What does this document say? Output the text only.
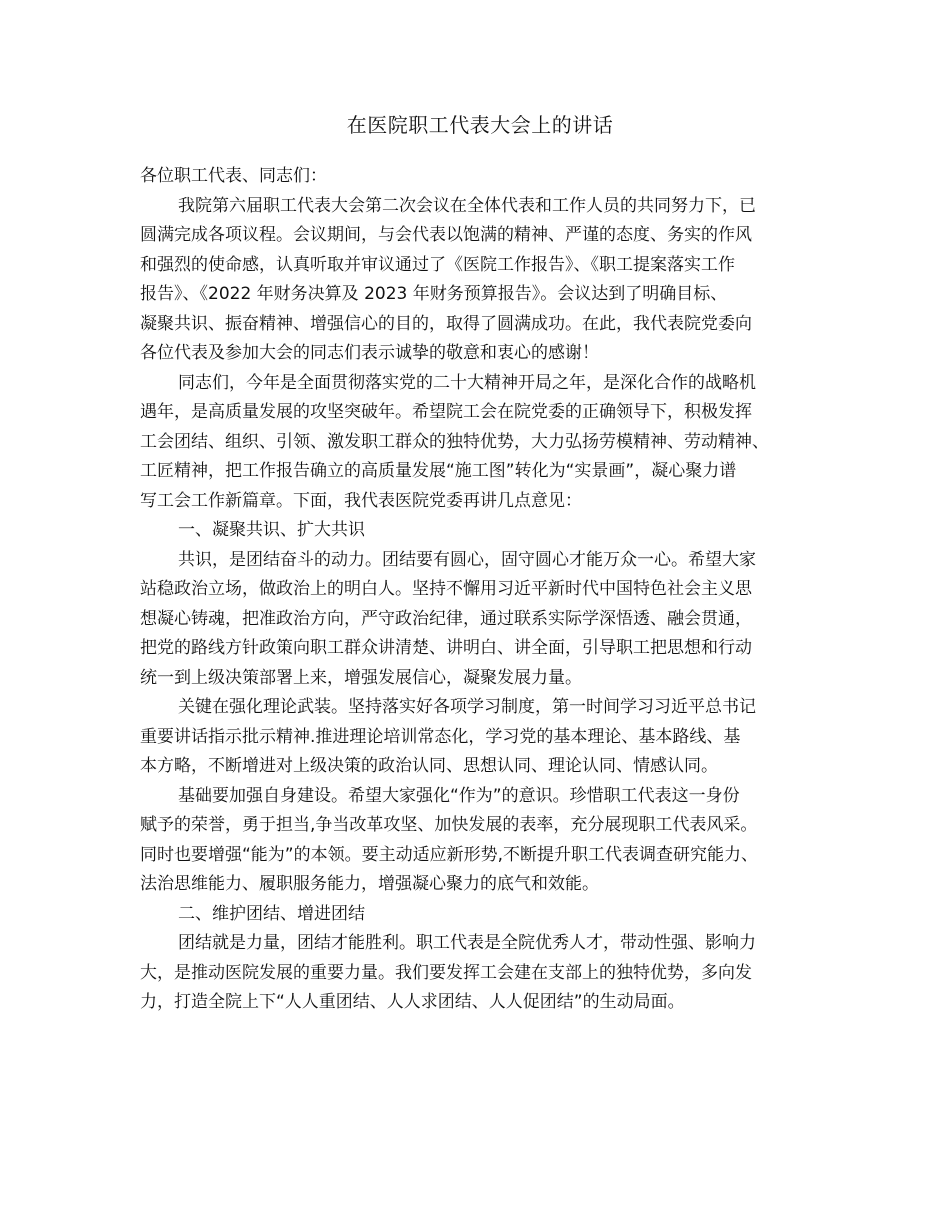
在医院职工代表大会上的讲话

各位职工代表、同志们：

我院第六届职工代表大会第二次会议在全体代表和工作人员的共同努力下，已

圆满完成各项议程。会议期间，与会代表以饱满的精神、严谨的态度、务实的作风

和强烈的使命感，认真听取并审议通过了《医院工作报告》、《职工提案落实工作

报告》、《2022 年财务决算及 2023 年财务预算报告》。会议达到了明确目标、

凝聚共识、振奋精神、增强信心的目的，取得了圆满成功。在此，我代表院党委向

各位代表及参加大会的同志们表示诚挚的敬意和衷心的感谢！

同志们，今年是全面贯彻落实党的二十大精神开局之年，是深化合作的战略机

遇年，是高质量发展的攻坚突破年。希望院工会在院党委的正确领导下，积极发挥

工会团结、组织、引领、激发职工群众的独特优势，大力弘扬劳模精神、劳动精神、

工匠精神，把工作报告确立的高质量发展“施工图”转化为“实景画”，凝心聚力谱

写工会工作新篇章。下面，我代表医院党委再讲几点意见：

一、凝聚共识、扩大共识

共识，是团结奋斗的动力。团结要有圆心，固守圆心才能万众一心。希望大家

站稳政治立场，做政治上的明白人。坚持不懈用习近平新时代中国特色社会主义思

想凝心铸魂，把准政治方向，严守政治纪律，通过联系实际学深悟透、融会贯通，

把党的路线方针政策向职工群众讲清楚、讲明白、讲全面，引导职工把思想和行动

统一到上级决策部署上来，增强发展信心，凝聚发展力量。

关键在强化理论武装。坚持落实好各项学习制度，第一时间学习习近平总书记

重要讲话指示批示精神.推进理论培训常态化，学习党的基本理论、基本路线、基

本方略，不断增进对上级决策的政治认同、思想认同、理论认同、情感认同。

基础要加强自身建设。希望大家强化“作为”的意识。珍惜职工代表这一身份

赋予的荣誉，勇于担当,争当改革攻坚、加快发展的表率，充分展现职工代表风采。

同时也要增强“能为”的本领。要主动适应新形势,不断提升职工代表调查研究能力、

法治思维能力、履职服务能力，增强凝心聚力的底气和效能。

二、维护团结、增进团结

团结就是力量，团结才能胜利。职工代表是全院优秀人才，带动性强、影响力

大，是推动医院发展的重要力量。我们要发挥工会建在支部上的独特优势，多向发

力，打造全院上下“人人重团结、人人求团结、人人促团结”的生动局面。
